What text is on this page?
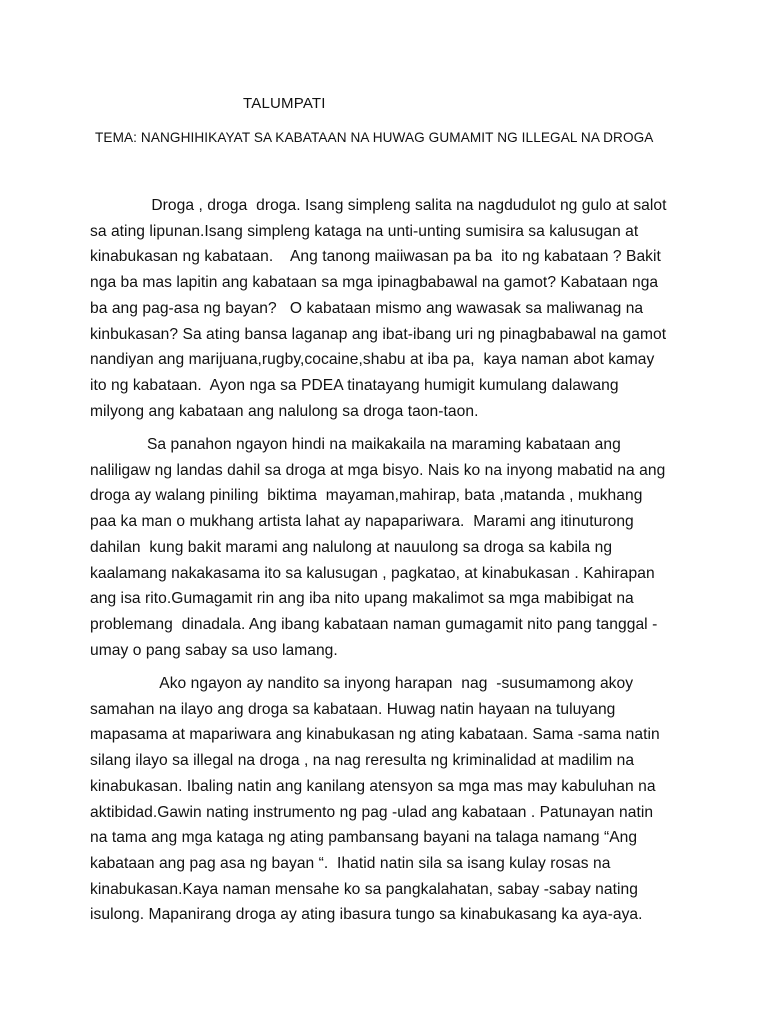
TALUMPATI

TEMA: NANGHIHIKAYAT SA KABATAAN NA HUWAG GUMAMIT NG ILLEGAL NA DROGA

Droga , droga  droga. Isang simpleng salita na nagdudulot ng gulo at salot
sa ating lipunan.Isang simpleng kataga na unti-unting sumisira sa kalusugan at
kinabukasan ng kabataan.    Ang tanong maiiwasan pa ba  ito ng kabataan ? Bakit
nga ba mas lapitin ang kabataan sa mga ipinagbabawal na gamot? Kabataan nga
ba ang pag-asa ng bayan?   O kabataan mismo ang wawasak sa maliwanag na
kinbukasan? Sa ating bansa laganap ang ibat-ibang uri ng pinagbabawal na gamot
nandiyan ang marijuana,rugby,cocaine,shabu at iba pa,  kaya naman abot kamay
ito ng kabataan.  Ayon nga sa PDEA tinatayang humigit kumulang dalawang
milyong ang kabataan ang nalulong sa droga taon-taon.
Sa panahon ngayon hindi na maikakaila na maraming kabataan ang
naliligaw ng landas dahil sa droga at mga bisyo. Nais ko na inyong mabatid na ang
droga ay walang piniling  biktima  mayaman,mahirap, bata ,matanda , mukhang
paa ka man o mukhang artista lahat ay napapariwara.  Marami ang itinuturong
dahilan  kung bakit marami ang nalulong at nauulong sa droga sa kabila ng
kaalamang nakakasama ito sa kalusugan , pagkatao, at kinabukasan . Kahirapan
ang isa rito.Gumagamit rin ang iba nito upang makalimot sa mga mabibigat na
problemang  dinadala. Ang ibang kabataan naman gumagamit nito pang tanggal -
umay o pang sabay sa uso lamang.
Ako ngayon ay nandito sa inyong harapan  nag  -susumamong akoy
samahan na ilayo ang droga sa kabataan. Huwag natin hayaan na tuluyang
mapasama at mapariwara ang kinabukasan ng ating kabataan. Sama -sama natin
silang ilayo sa illegal na droga , na nag reresulta ng kriminalidad at madilim na
kinabukasan. Ibaling natin ang kanilang atensyon sa mga mas may kabuluhan na
aktibidad.Gawin nating instrumento ng pag -ulad ang kabataan . Patunayan natin
na tama ang mga kataga ng ating pambansang bayani na talaga namang “Ang
kabataan ang pag asa ng bayan “.  Ihatid natin sila sa isang kulay rosas na
kinabukasan.Kaya naman mensahe ko sa pangkalahatan, sabay -sabay nating
isulong. Mapanirang droga ay ating ibasura tungo sa kinabukasang ka aya-aya.
